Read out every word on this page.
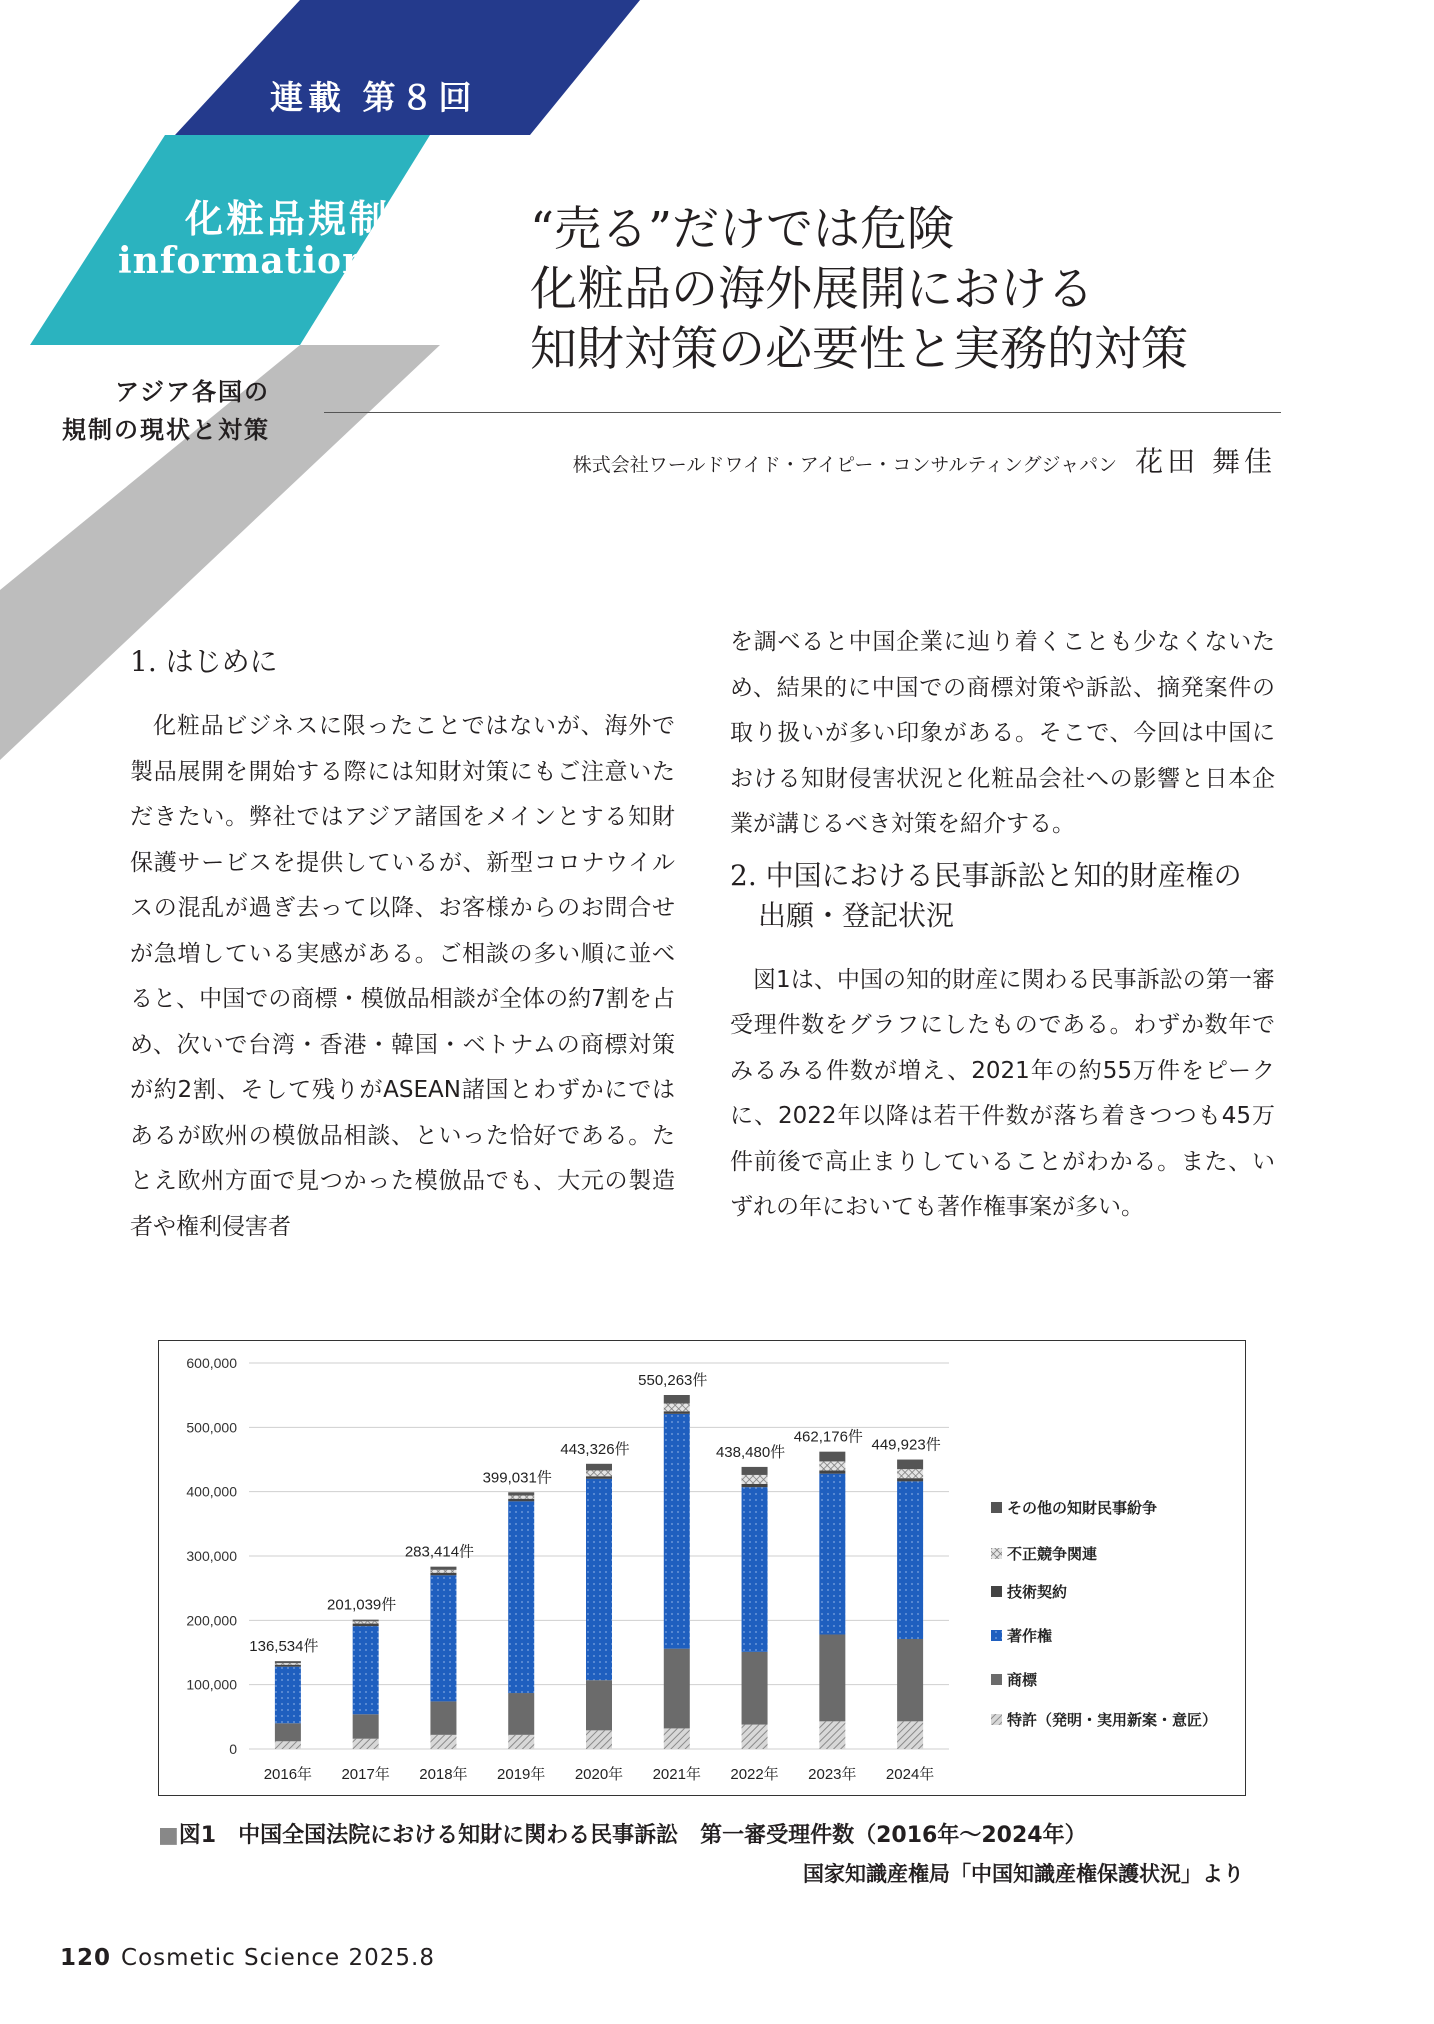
連載 第８回
化粧品規制
information
アジア各国の
規制の現状と対策
“売る”だけでは危険
化粧品の海外展開における
知財対策の必要性と実務的対策
株式会社ワールドワイド・アイピー・コンサルティングジャパン 花田 舞佳
1. はじめに

化粧品ビジネスに限ったことではないが、海外で製品展開を開始する際には知財対策にもご注意いただきたい。弊社ではアジア諸国をメインとする知財保護サービスを提供しているが、新型コロナウイルスの混乱が過ぎ去って以降、お客様からのお問合せが急増している実感がある。ご相談の多い順に並べると、中国での商標・模倣品相談が全体の約7割を占め、次いで台湾・香港・韓国・ベトナムの商標対策が約2割、そして残りがASEAN諸国とわずかにではあるが欧州の模倣品相談、といった恰好である。たとえ欧州方面で見つかった模倣品でも、大元の製造者や権利侵害者

を調べると中国企業に辿り着くことも少なくないため、結果的に中国での商標対策や訴訟、摘発案件の取り扱いが多い印象がある。そこで、今回は中国における知財侵害状況と化粧品会社への影響と日本企業が講じるべき対策を紹介する。

2. 中国における民事訴訟と知的財産権の
出願・登記状況

図1は、中国の知的財産に関わる民事訴訟の第一審受理件数をグラフにしたものである。わずか数年でみるみる件数が増え、2021年の約55万件をピークに、2022年以降は若干件数が落ち着きつつも45万件前後で高止まりしていることがわかる。また、いずれの年においても著作権事案が多い。

0
100,000
200,000
300,000
400,000
500,000
600,000
136,534件
2016年
201,039件
2017年
283,414件
2018年
399,031件
2019年
443,326件
2020年
550,263件
2021年
438,480件
2022年
462,176件
2023年
449,923件
2024年
その他の知財民事紛争
不正競争関連
技術契約
著作権
商標
特許（発明・実用新案・意匠）
■図1　中国全国法院における知財に関わる民事訴訟　第一審受理件数（2016年〜2024年）
国家知識産権局「中国知識産権保護状況」より
120 Cosmetic Science 2025.8
